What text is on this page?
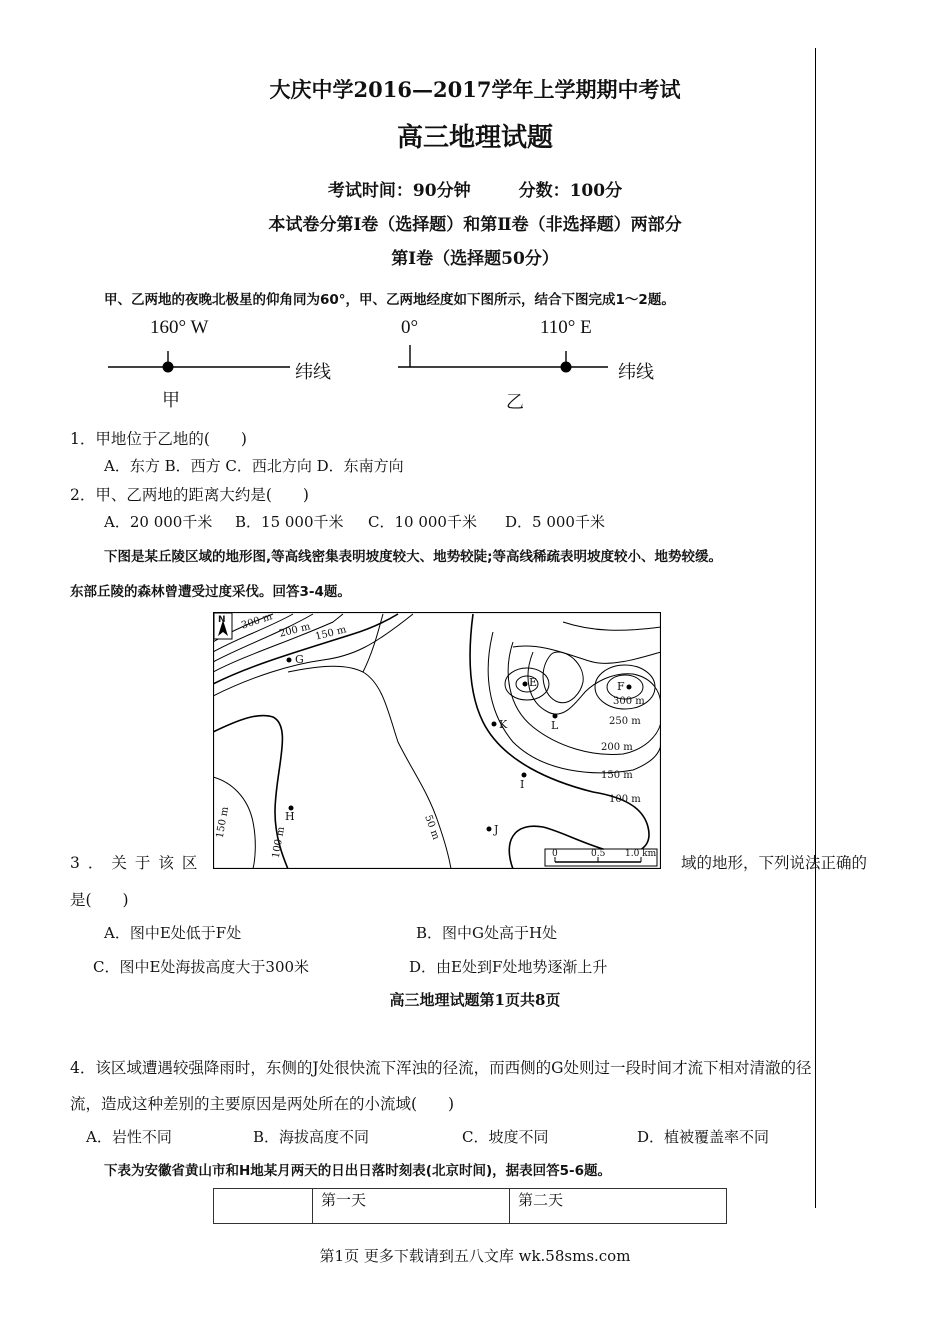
大庆中学2016—2017学年上学期期中考试
高三地理试题
考试时间：90分钟	分数：100分
本试卷分第Ⅰ卷（选择题）和第Ⅱ卷（非选择题）两部分
第Ⅰ卷（选择题50分）
甲、乙两地的夜晚北极星的仰角同为60°，甲、乙两地经度如下图所示，结合下图完成1～2题。
160° W
甲
纬线
0°	110° E
乙
纬线
1．甲地位于乙地的(　　)
A．东方 B．西方 C．西北方向 D．东南方向
2．甲、乙两地的距离大约是(　　)
A．20 000千米 B．15 000千米 C．10 000千米 D．5 000千米
下图是某丘陵区域的地形图,等高线密集表明坡度较大、地势较陡;等高线稀疏表明坡度较小、地势较缓。
东部丘陵的森林曾遭受过度采伐。回答3-4题。
N 300 m 200 m 150 m
150 m
100 m	50 m
300 m
250 m
200 m
150 m
100 m
G
E	F
K	L
I
H
J
0	0.5 1.0 km
3．关于该区	域的地形，下列说法正确的
是(　　)
A．图中E处低于F处	B．图中G处高于H处
C．图中E处海拔高度大于300米	D．由E处到F处地势逐渐上升
高三地理试题第1页共8页
4．该区域遭遇较强降雨时，东侧的J处很快流下浑浊的径流，而西侧的G处则过一段时间才流下相对清澈的径
流，造成这种差别的主要原因是两处所在的小流域(　　)
A．岩性不同	B．海拔高度不同	C．坡度不同	D．植被覆盖率不同
下表为安徽省黄山市和H地某月两天的日出日落时刻表(北京时间)，据表回答5-6题。
	第一天	第二天
第1页 更多下载请到五八文库 wk.58sms.com
